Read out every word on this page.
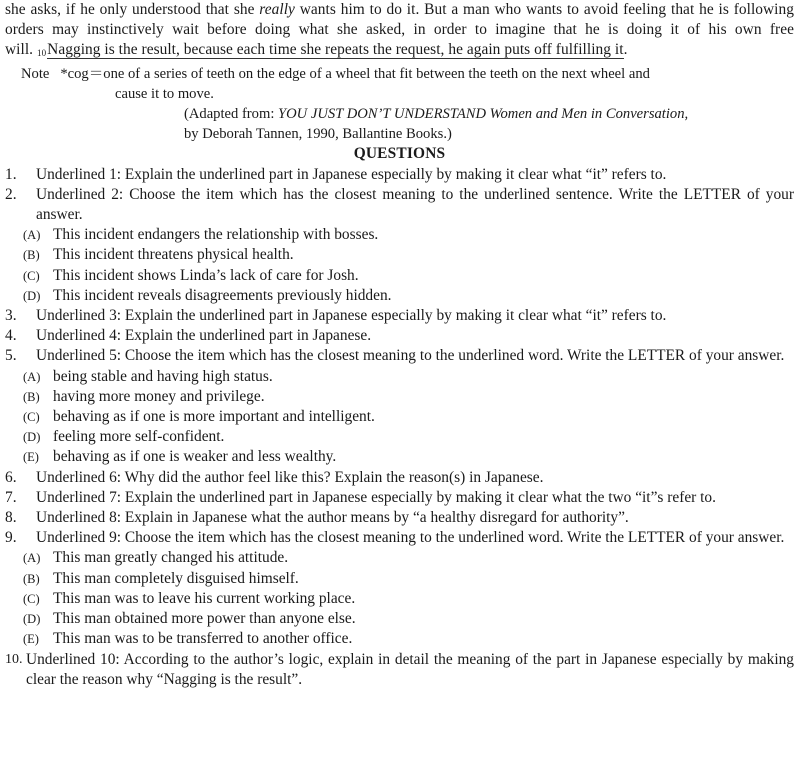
she asks, if he only understood that she really wants him to do it. But a man who wants to avoid feeling that he is following orders may instinctively wait before doing what she asked, in order to imagine that he is doing it of his own free will. $_{10}$Nagging is the result, because each time she repeats the request, he again puts off fulfilling it.

Note *cog＝one of a series of teeth on the edge of a wheel that fit between the teeth on the next wheel and
cause it to move.
(Adapted from: YOU JUST DON’T UNDERSTAND Women and Men in Conversation,
by Deborah Tannen, 1990, Ballantine Books.)

QUESTIONS

1.	Underlined 1: Explain the underlined part in Japanese especially by making it clear what “it” refers to.
2.	Underlined 2: Choose the item which has the closest meaning to the underlined sentence. Write the LETTER of your answer.
(A) This incident endangers the relationship with bosses.
(B) This incident threatens physical health.
(C) This incident shows Linda’s lack of care for Josh.
(D) This incident reveals disagreements previously hidden.
3.	Underlined 3: Explain the underlined part in Japanese especially by making it clear what “it” refers to.
4.	Underlined 4: Explain the underlined part in Japanese.
5.	Underlined 5: Choose the item which has the closest meaning to the underlined word. Write the LETTER of your answer.
(A) being stable and having high status.
(B) having more money and privilege.
(C) behaving as if one is more important and intelligent.
(D) feeling more self-confident.
(E) behaving as if one is weaker and less wealthy.
6.	Underlined 6: Why did the author feel like this? Explain the reason(s) in Japanese.
7.	Underlined 7: Explain the underlined part in Japanese especially by making it clear what the two “it”s refer to.
8.	Underlined 8: Explain in Japanese what the author means by “a healthy disregard for authority”.
9.	Underlined 9: Choose the item which has the closest meaning to the underlined word. Write the LETTER of your answer.
(A) This man greatly changed his attitude.
(B) This man completely disguised himself.
(C) This man was to leave his current working place.
(D) This man obtained more power than anyone else.
(E) This man was to be transferred to another office.
10. Underlined 10: According to the author’s logic, explain in detail the meaning of the part in Japanese especially by making clear the reason why “Nagging is the result”.
